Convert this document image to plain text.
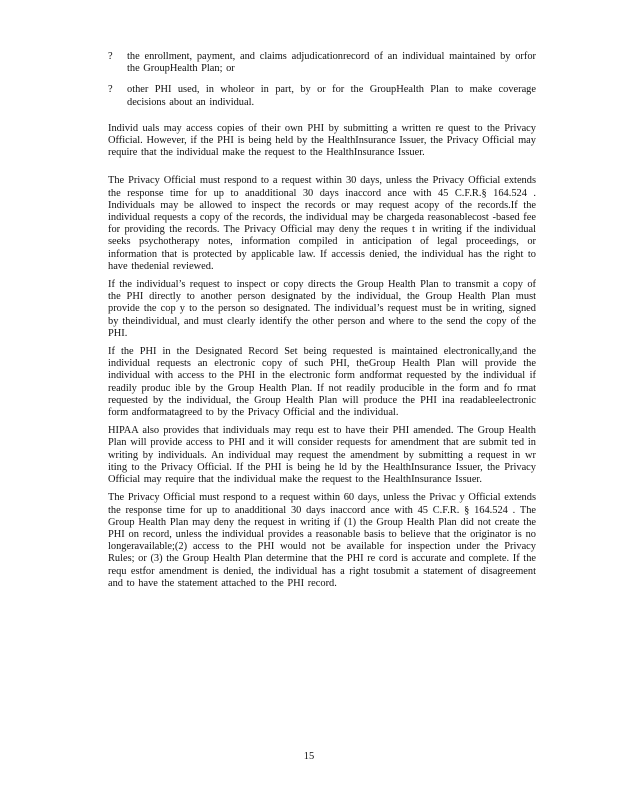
? the enrollment, payment, and claims adjudicationrecord of an individual maintained by orfor the GroupHealth Plan; or
? other PHI used, in wholeor in part, by or for the GroupHealth Plan to make coverage decisions about an individual.

Individ uals may access copies of their own PHI by submitting a written re quest to the Privacy Official. However, if the PHI is being held by the HealthInsurance Issuer, the Privacy Official may require that the individual make the request to the HealthInsurance Issuer.

The Privacy Official must respond to a request within 30 days, unless the Privacy Official extends the response time for up to anadditional 30 days inaccord ance with 45 C.F.R.§ 164.524 . Individuals may be allowed to inspect the records or may request acopy of the records.If the individual requests a copy of the records, the individual may be chargeda reasonablecost -based fee for providing the records. The Privacy Official may deny the reques t in writing if the individual seeks psychotherapy notes, information compiled in anticipation of legal proceedings, or information that is protected by applicable law. If accessis denied, the individual has the right to have thedenial reviewed.

If the individual’s request to inspect or copy directs the Group Health Plan to transmit a copy of the PHI directly to another person designated by the individual, the Group Health Plan must provide the cop y to the person so designated. The individual’s request must be in writing, signed by theindividual, and must clearly identify the other person and where to the send the copy of the PHI.

If the PHI in the Designated Record Set being requested is maintained electronically,and the individual requests an electronic copy of such PHI, theGroup Health Plan will provide the individual with access to the PHI in the electronic form andformat requested by the individual if readily produc ible by the Group Health Plan. If not readily producible in the form and fo rmat requested by the individual, the Group Health Plan will produce the PHI ina readableelectronic form andformatagreed to by the Privacy Official and the individual.

HIPAA also provides that individuals may requ est to have their PHI amended. The Group Health Plan will provide access to PHI and it will consider requests for amendment that are submit ted in writing by individuals. An individual may request the amendment by submitting a request in wr iting to the Privacy Official. If the PHI is being he ld by the HealthInsurance Issuer, the Privacy Official may require that the individual make the request to the HealthInsurance Issuer.

The Privacy Official must respond to a request within 60 days, unless the Privac y Official extends the response time for up to anadditional 30 days inaccord ance with 45 C.F.R. § 164.524 . The Group Health Plan may deny the request in writing if (1) the Group Health Plan did not create the PHI on record, unless the individual provides a reasonable basis to believe that the originator is no longeravailable;(2) access to the PHI would not be available for inspection under the Privacy Rules; or (3) the Group Health Plan determine that the PHI re cord is accurate and complete. If the requ estfor amendment is denied, the individual has a right tosubmit a statement of disagreement and to have the statement attached to the PHI record.

15
